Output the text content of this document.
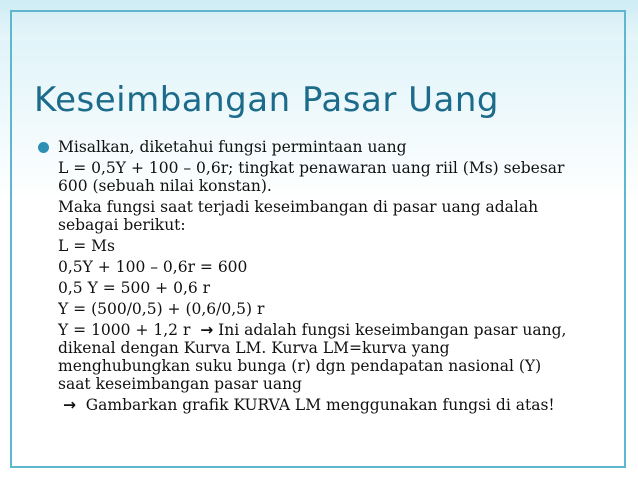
Keseimbangan Pasar Uang
Misalkan, diketahui fungsi permintaan uang
L = 0,5Y + 100 – 0,6r; tingkat penawaran uang riil (Ms) sebesar
600 (sebuah nilai konstan).
Maka fungsi saat terjadi keseimbangan di pasar uang adalah
sebagai berikut:
L = Ms
0,5Y + 100 – 0,6r = 600
0,5 Y = 500 + 0,6 r
Y = (500/0,5) + (0,6/0,5) r
Y = 1000 + 1,2 r → Ini adalah fungsi keseimbangan pasar uang,
dikenal dengan Kurva LM. Kurva LM=kurva yang
menghubungkan suku bunga (r) dgn pendapatan nasional (Y)
saat keseimbangan pasar uang
→ Gambarkan grafik KURVA LM menggunakan fungsi di atas!
